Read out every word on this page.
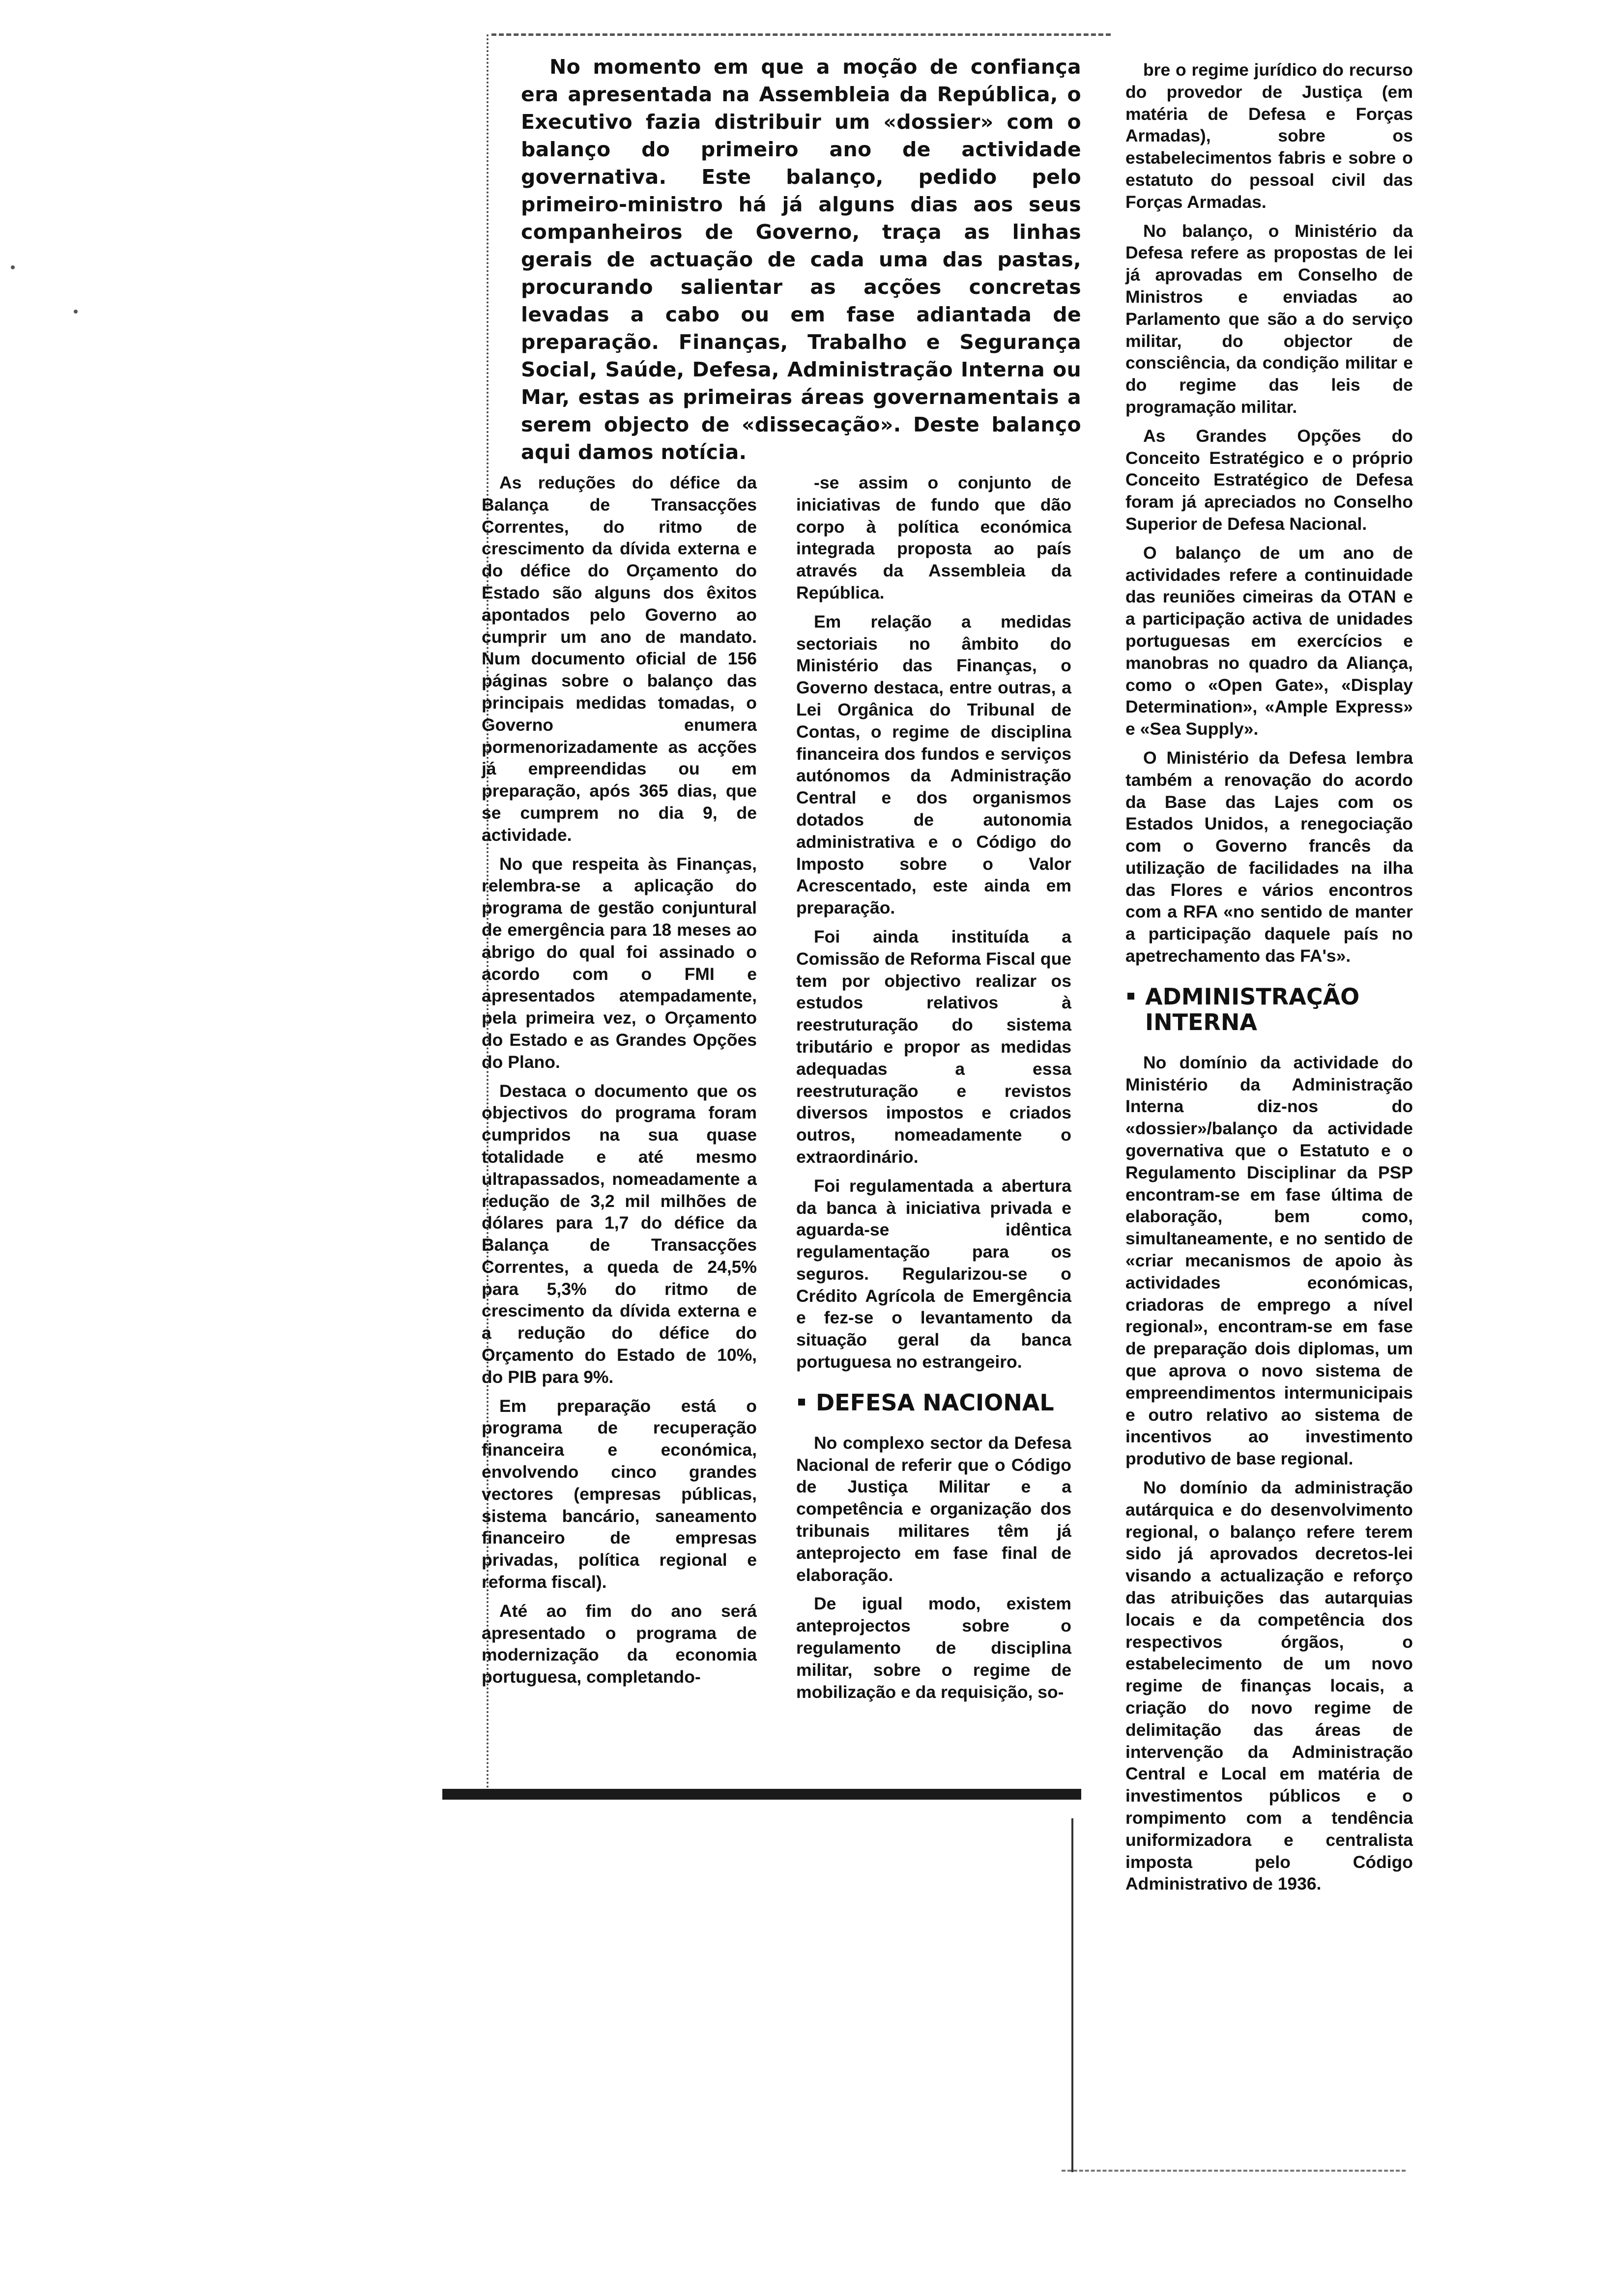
No momento em que a moção de confiança era apresentada na Assembleia da República, o Executivo fazia distribuir um «dossier» com o balanço do primeiro ano de actividade governativa. Este balanço, pedido pelo primeiro-ministro há já alguns dias aos seus companheiros de Governo, traça as linhas gerais de actuação de cada uma das pastas, procurando salientar as acções concretas levadas a cabo ou em fase adiantada de preparação. Finanças, Trabalho e Segurança Social, Saúde, Defesa, Administração Interna ou Mar, estas as primeiras áreas governamentais a serem objecto de «dissecação». Deste balanço aqui damos notícia.

As reduções do défice da Balança de Transacções Correntes, do ritmo de crescimento da dívida externa e do défice do Orçamento do Estado são alguns dos êxitos apontados pelo Governo ao cumprir um ano de mandato. Num documento oficial de 156 páginas sobre o balanço das principais medidas tomadas, o Governo enumera pormenorizadamente as acções já empreendidas ou em preparação, após 365 dias, que se cumprem no dia 9, de actividade.

No que respeita às Finanças, relembra-se a aplicação do programa de gestão conjuntural de emergência para 18 meses ao abrigo do qual foi assinado o acordo com o FMI e apresentados atempadamente, pela primeira vez, o Orçamento do Estado e as Grandes Opções do Plano.

Destaca o documento que os objectivos do programa foram cumpridos na sua quase totalidade e até mesmo ultrapassados, nomeadamente a redução de 3,2 mil milhões de dólares para 1,7 do défice da Balança de Transacções Correntes, a queda de 24,5% para 5,3% do ritmo de crescimento da dívida externa e a redução do défice do Orçamento do Estado de 10%, do PIB para 9%.

Em preparação está o programa de recuperação financeira e económica, envolvendo cinco grandes vectores (empresas públicas, sistema bancário, saneamento financeiro de empresas privadas, política regional e reforma fiscal).

Até ao fim do ano será apresentado o programa de modernização da economia portuguesa, completando-

-se assim o conjunto de iniciativas de fundo que dão corpo à política económica integrada proposta ao país através da Assembleia da República.

Em relação a medidas sectoriais no âmbito do Ministério das Finanças, o Governo destaca, entre outras, a Lei Orgânica do Tribunal de Contas, o regime de disciplina financeira dos fundos e serviços autónomos da Administração Central e dos organismos dotados de autonomia administrativa e o Código do Imposto sobre o Valor Acrescentado, este ainda em preparação.

Foi ainda instituída a Comissão de Reforma Fiscal que tem por objectivo realizar os estudos relativos à reestruturação do sistema tributário e propor as medidas adequadas a essa reestruturação e revistos diversos impostos e criados outros, nomeadamente o extraordinário.

Foi regulamentada a abertura da banca à iniciativa privada e aguarda-se idêntica regulamentação para os seguros. Regularizou-se o Crédito Agrícola de Emergência e fez-se o levantamento da situação geral da banca portuguesa no estrangeiro.

DEFESA NACIONAL

No complexo sector da Defesa Nacional de referir que o Código de Justiça Militar e a competência e organização dos tribunais militares têm já anteprojecto em fase final de elaboração.

De igual modo, existem anteprojectos sobre o regulamento de disciplina militar, sobre o regime de mobilização e da requisição, so-

bre o regime jurídico do recurso do provedor de Justiça (em matéria de Defesa e Forças Armadas), sobre os estabelecimentos fabris e sobre o estatuto do pessoal civil das Forças Armadas.

No balanço, o Ministério da Defesa refere as propostas de lei já aprovadas em Conselho de Ministros e enviadas ao Parlamento que são a do serviço militar, do objector de consciência, da condição militar e do regime das leis de programação militar.

As Grandes Opções do Conceito Estratégico e o próprio Conceito Estratégico de Defesa foram já apreciados no Conselho Superior de Defesa Nacional.

O balanço de um ano de actividades refere a continuidade das reuniões cimeiras da OTAN e a participação activa de unidades portuguesas em exercícios e manobras no quadro da Aliança, como o «Open Gate», «Display Determination», «Ample Express» e «Sea Supply».

O Ministério da Defesa lembra também a renovação do acordo da Base das Lajes com os Estados Unidos, a renegociação com o Governo francês da utilização de facilidades na ilha das Flores e vários encontros com a RFA «no sentido de manter a participação daquele país no apetrechamento das FA's».

ADMINISTRAÇÃO INTERNA

No domínio da actividade do Ministério da Administração Interna diz-nos do «dossier»/balanço da actividade governativa que o Estatuto e o Regulamento Disciplinar da PSP encontram-se em fase última de elaboração, bem como, simultaneamente, e no sentido de «criar mecanismos de apoio às actividades económicas, criadoras de emprego a nível regional», encontram-se em fase de preparação dois diplomas, um que aprova o novo sistema de empreendimentos intermunicipais e outro relativo ao sistema de incentivos ao investimento produtivo de base regional.

No domínio da administração autárquica e do desenvolvimento regional, o balanço refere terem sido já aprovados decretos-lei visando a actualização e reforço das atribuições das autarquias locais e da competência dos respectivos órgãos, o estabelecimento de um novo regime de finanças locais, a criação do novo regime de delimitação das áreas de intervenção da Administração Central e Local em matéria de investimentos públicos e o rompimento com a tendência uniformizadora e centralista imposta pelo Código Administrativo de 1936.
